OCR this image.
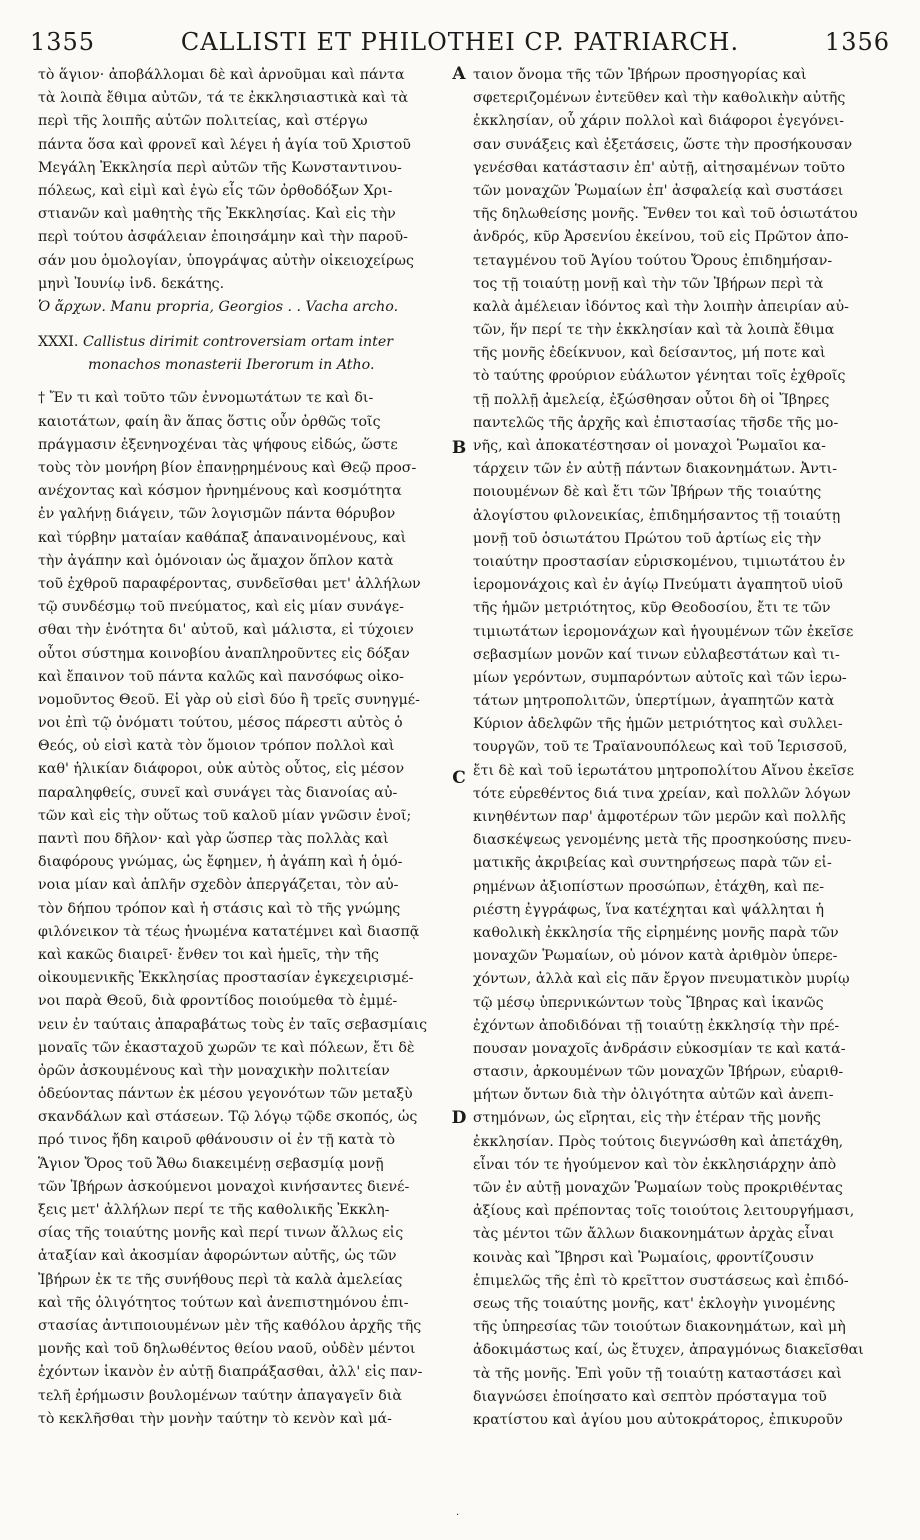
1355	CALLISTI ET PHILOTHEI CP. PATRIARCH.	1356
τὸ ἅγιον· ἀποβάλλομαι δὲ καὶ ἀρνοῦμαι καὶ πάντα
τὰ λοιπὰ ἔθιμα αὐτῶν, τά τε ἐκκλησιαστικὰ καὶ τὰ
περὶ τῆς λοιπῆς αὐτῶν πολιτείας, καὶ στέργω
πάντα ὅσα καὶ φρονεῖ καὶ λέγει ἡ ἁγία τοῦ Χριστοῦ
Μεγάλη Ἐκκλησία περὶ αὐτῶν τῆς Κωνσταντινου-
πόλεως, καὶ εἰμὶ καὶ ἐγὼ εἷς τῶν ὀρθοδόξων Χρι-
στιανῶν καὶ μαθητὴς τῆς Ἐκκλησίας. Καὶ εἰς τὴν
περὶ τούτου ἀσφάλειαν ἐποιησάμην καὶ τὴν παροῦ-
σάν μου ὁμολογίαν, ὑπογράψας αὐτὴν οἰκειοχείρως
μηνὶ Ἰουνίῳ ἰνδ. δεκάτης.
Ὁ ἄρχων. Manu propria, Georgios . . Vacha archo.
XXXI. Callistus dirimit controversiam ortam inter
monachos monasterii Iberorum in Atho.
† Ἔν τι καὶ τοῦτο τῶν ἐννομωτάτων τε καὶ δι-
καιοτάτων, φαίη ἂν ἅπας ὅστις οὖν ὀρθῶς τοῖς
πράγμασιν ἐξενηνοχέναι τὰς ψήφους εἰδώς, ὥστε
τοὺς τὸν μονήρη βίον ἐπανῃρημένους καὶ Θεῷ προσ-
ανέχοντας καὶ κόσμον ἠρνημένους καὶ κοσμότητα
ἐν γαλήνῃ διάγειν, τῶν λογισμῶν πάντα θόρυβον
καὶ τύρβην ματαίαν καθάπαξ ἀπαναινομένους, καὶ
τὴν ἀγάπην καὶ ὁμόνοιαν ὡς ἄμαχον ὅπλον κατὰ
τοῦ ἐχθροῦ παραφέροντας, συνδεῖσθαι μετ' ἀλλήλων
τῷ συνδέσμῳ τοῦ πνεύματος, καὶ εἰς μίαν συνάγε-
σθαι τὴν ἑνότητα δι' αὐτοῦ, καὶ μάλιστα, εἰ τύχοιεν
οὗτοι σύστημα κοινοβίου ἀναπληροῦντες εἰς δόξαν
καὶ ἔπαινον τοῦ πάντα καλῶς καὶ πανσόφως οἰκο-
νομοῦντος Θεοῦ. Εἰ γὰρ οὐ εἰσὶ δύο ἢ τρεῖς συνηγμέ-
νοι ἐπὶ τῷ ὀνόματι τούτου, μέσος πάρεστι αὐτὸς ὁ
Θεός, οὐ εἰσὶ κατὰ τὸν ὅμοιον τρόπον πολλοὶ καὶ
καθ' ἡλικίαν διάφοροι, οὐκ αὐτὸς οὗτος, εἰς μέσον
παραληφθείς, συνεῖ καὶ συνάγει τὰς διανοίας αὐ-
τῶν καὶ εἰς τὴν οὕτως τοῦ καλοῦ μίαν γνῶσιν ἑνοῖ;
παντὶ που δῆλον· καὶ γὰρ ὥσπερ τὰς πολλὰς καὶ
διαφόρους γνώμας, ὡς ἔφημεν, ἡ ἀγάπη καὶ ἡ ὁμό-
νοια μίαν καὶ ἁπλῆν σχεδὸν ἀπεργάζεται, τὸν αὐ-
τὸν δήπου τρόπον καὶ ἡ στάσις καὶ τὸ τῆς γνώμης
φιλόνεικον τὰ τέως ἡνωμένα κατατέμνει καὶ διασπᾷ
καὶ κακῶς διαιρεῖ· ἔνθεν τοι καὶ ἡμεῖς, τὴν τῆς
οἰκουμενικῆς Ἐκκλησίας προστασίαν ἐγκεχειρισμέ-
νοι παρὰ Θεοῦ, διὰ φροντίδος ποιούμεθα τὸ ἐμμέ-
νειν ἐν ταύταις ἀπαραβάτως τοὺς ἐν ταῖς σεβασμίαις
μοναῖς τῶν ἑκασταχοῦ χωρῶν τε καὶ πόλεων, ἔτι δὲ
ὀρῶν ἀσκουμένους καὶ τὴν μοναχικὴν πολιτείαν
ὁδεύοντας πάντων ἐκ μέσου γεγονότων τῶν μεταξὺ
σκανδάλων καὶ στάσεων. Τῷ λόγῳ τῷδε σκοπός, ὡς
πρό τινος ἤδη καιροῦ φθάνουσιν οἱ ἐν τῇ κατὰ τὸ
Ἅγιον Ὄρος τοῦ Ἄθω διακειμένῃ σεβασμίᾳ μονῇ
τῶν Ἰβήρων ἀσκούμενοι μοναχοὶ κινήσαντες διενέ-
ξεις μετ' ἀλλήλων περί τε τῆς καθολικῆς Ἐκκλη-
σίας τῆς τοιαύτης μονῆς καὶ περί τινων ἄλλως εἰς
ἀταξίαν καὶ ἀκοσμίαν ἀφορώντων αὐτῆς, ὡς τῶν
Ἰβήρων ἐκ τε τῆς συνήθους περὶ τὰ καλὰ ἀμελείας
καὶ τῆς ὀλιγότητος τούτων καὶ ἀνεπιστημόνου ἐπι-
στασίας ἀντιποιουμένων μὲν τῆς καθόλου ἀρχῆς τῆς
μονῆς καὶ τοῦ δηλωθέντος θείου ναοῦ, οὐδὲν μέντοι
ἐχόντων ἱκανὸν ἐν αὐτῇ διαπράξασθαι, ἀλλ' εἰς παν-
τελῆ ἐρήμωσιν βουλομένων ταύτην ἀπαγαγεῖν διὰ
τὸ κεκλῆσθαι τὴν μονὴν ταύτην τὸ κενὸν καὶ μά-
A
B
C
D
ταιον ὄνομα τῆς τῶν Ἰβήρων προσηγορίας καὶ
σφετεριζομένων ἐντεῦθεν καὶ τὴν καθολικὴν αὐτῆς
ἐκκλησίαν, οὗ χάριν πολλοὶ καὶ διάφοροι ἐγεγόνει-
σαν συνάξεις καὶ ἐξετάσεις, ὥστε τὴν προσήκουσαν
γενέσθαι κατάστασιν ἐπ' αὐτῇ, αἰτησαμένων τοῦτο
τῶν μοναχῶν Ῥωμαίων ἐπ' ἀσφαλείᾳ καὶ συστάσει
τῆς δηλωθείσης μονῆς. Ἔνθεν τοι καὶ τοῦ ὁσιωτάτου
ἀνδρός, κῦρ Ἀρσενίου ἐκείνου, τοῦ εἰς Πρῶτον ἀπο-
τεταγμένου τοῦ Ἁγίου τούτου Ὄρους ἐπιδημήσαν-
τος τῇ τοιαύτῃ μονῇ καὶ τὴν τῶν Ἰβήρων περὶ τὰ
καλὰ ἀμέλειαν ἰδόντος καὶ τὴν λοιπὴν ἀπειρίαν αὐ-
τῶν, ἥν περί τε τὴν ἐκκλησίαν καὶ τὰ λοιπὰ ἔθιμα
τῆς μονῆς ἐδείκνυον, καὶ δείσαντος, μή ποτε καὶ
τὸ ταύτης φρούριον εὐάλωτον γένηται τοῖς ἐχθροῖς
τῇ πολλῇ ἀμελείᾳ, ἐξώσθησαν οὗτοι δὴ οἱ Ἴβηρες
παντελῶς τῆς ἀρχῆς καὶ ἐπιστασίας τῆσδε τῆς μο-
νῆς, καὶ ἀποκατέστησαν οἱ μοναχοὶ Ῥωμαῖοι κα-
τάρχειν τῶν ἐν αὐτῇ πάντων διακονημάτων. Ἀντι-
ποιουμένων δὲ καὶ ἔτι τῶν Ἰβήρων τῆς τοιαύτης
ἀλογίστου φιλονεικίας, ἐπιδημήσαντος τῇ τοιαύτῃ
μονῇ τοῦ ὁσιωτάτου Πρώτου τοῦ ἀρτίως εἰς τὴν
τοιαύτην προστασίαν εὑρισκομένου, τιμιωτάτου ἐν
ἱερομονάχοις καὶ ἐν ἁγίῳ Πνεύματι ἀγαπητοῦ υἱοῦ
τῆς ἡμῶν μετριότητος, κῦρ Θεοδοσίου, ἔτι τε τῶν
τιμιωτάτων ἱερομονάχων καὶ ἡγουμένων τῶν ἐκεῖσε
σεβασμίων μονῶν καί τινων εὐλαβεστάτων καὶ τι-
μίων γερόντων, συμπαρόντων αὐτοῖς καὶ τῶν ἱερω-
τάτων μητροπολιτῶν, ὑπερτίμων, ἀγαπητῶν κατὰ
Κύριον ἀδελφῶν τῆς ἡμῶν μετριότητος καὶ συλλει-
τουργῶν, τοῦ τε Τραϊανουπόλεως καὶ τοῦ Ἱερισσοῦ,
ἔτι δὲ καὶ τοῦ ἱερωτάτου μητροπολίτου Αἴνου ἐκεῖσε
τότε εὑρεθέντος διά τινα χρείαν, καὶ πολλῶν λόγων
κινηθέντων παρ' ἀμφοτέρων τῶν μερῶν καὶ πολλῆς
διασκέψεως γενομένης μετὰ τῆς προσηκούσης πνευ-
ματικῆς ἀκριβείας καὶ συντηρήσεως παρὰ τῶν εἰ-
ρημένων ἀξιοπίστων προσώπων, ἐτάχθη, καὶ πε-
ριέστη ἐγγράφως, ἵνα κατέχηται καὶ ψάλληται ἡ
καθολικὴ ἐκκλησία τῆς εἰρημένης μονῆς παρὰ τῶν
μοναχῶν Ῥωμαίων, οὐ μόνον κατὰ ἀριθμὸν ὑπερε-
χόντων, ἀλλὰ καὶ εἰς πᾶν ἔργον πνευματικὸν μυρίῳ
τῷ μέσῳ ὑπερνικώντων τοὺς Ἴβηρας καὶ ἱκανῶς
ἐχόντων ἀποδιδόναι τῇ τοιαύτῃ ἐκκλησίᾳ τὴν πρέ-
πουσαν μοναχοῖς ἀνδράσιν εὐκοσμίαν τε καὶ κατά-
στασιν, ἀρκουμένων τῶν μοναχῶν Ἰβήρων, εὐαριθ-
μήτων ὄντων διὰ τὴν ὀλιγότητα αὐτῶν καὶ ἀνεπι-
στημόνων, ὡς εἴρηται, εἰς τὴν ἑτέραν τῆς μονῆς
ἐκκλησίαν. Πρὸς τούτοις διεγνώσθη καὶ ἀπετάχθη,
εἶναι τόν τε ἡγούμενον καὶ τὸν ἐκκλησιάρχην ἀπὸ
τῶν ἐν αὐτῇ μοναχῶν Ῥωμαίων τοὺς προκριθέντας
ἀξίους καὶ πρέποντας τοῖς τοιούτοις λειτουργήμασι,
τὰς μέντοι τῶν ἄλλων διακονημάτων ἀρχὰς εἶναι
κοινὰς καὶ Ἴβηρσι καὶ Ῥωμαίοις, φροντίζουσιν
ἐπιμελῶς τῆς ἐπὶ τὸ κρεῖττον συστάσεως καὶ ἐπιδό-
σεως τῆς τοιαύτης μονῆς, κατ' ἐκλογὴν γινομένης
τῆς ὑπηρεσίας τῶν τοιούτων διακονημάτων, καὶ μὴ
ἀδοκιμάστως καί, ὡς ἔτυχεν, ἀπραγμόνως διακεῖσθαι
τὰ τῆς μονῆς. Ἐπὶ γοῦν τῇ τοιαύτῃ καταστάσει καὶ
διαγνώσει ἐποίησατο καὶ σεπτὸν πρόσταγμα τοῦ
κρατίστου καὶ ἁγίου μου αὐτοκράτορος, ἐπικυροῦν
·
